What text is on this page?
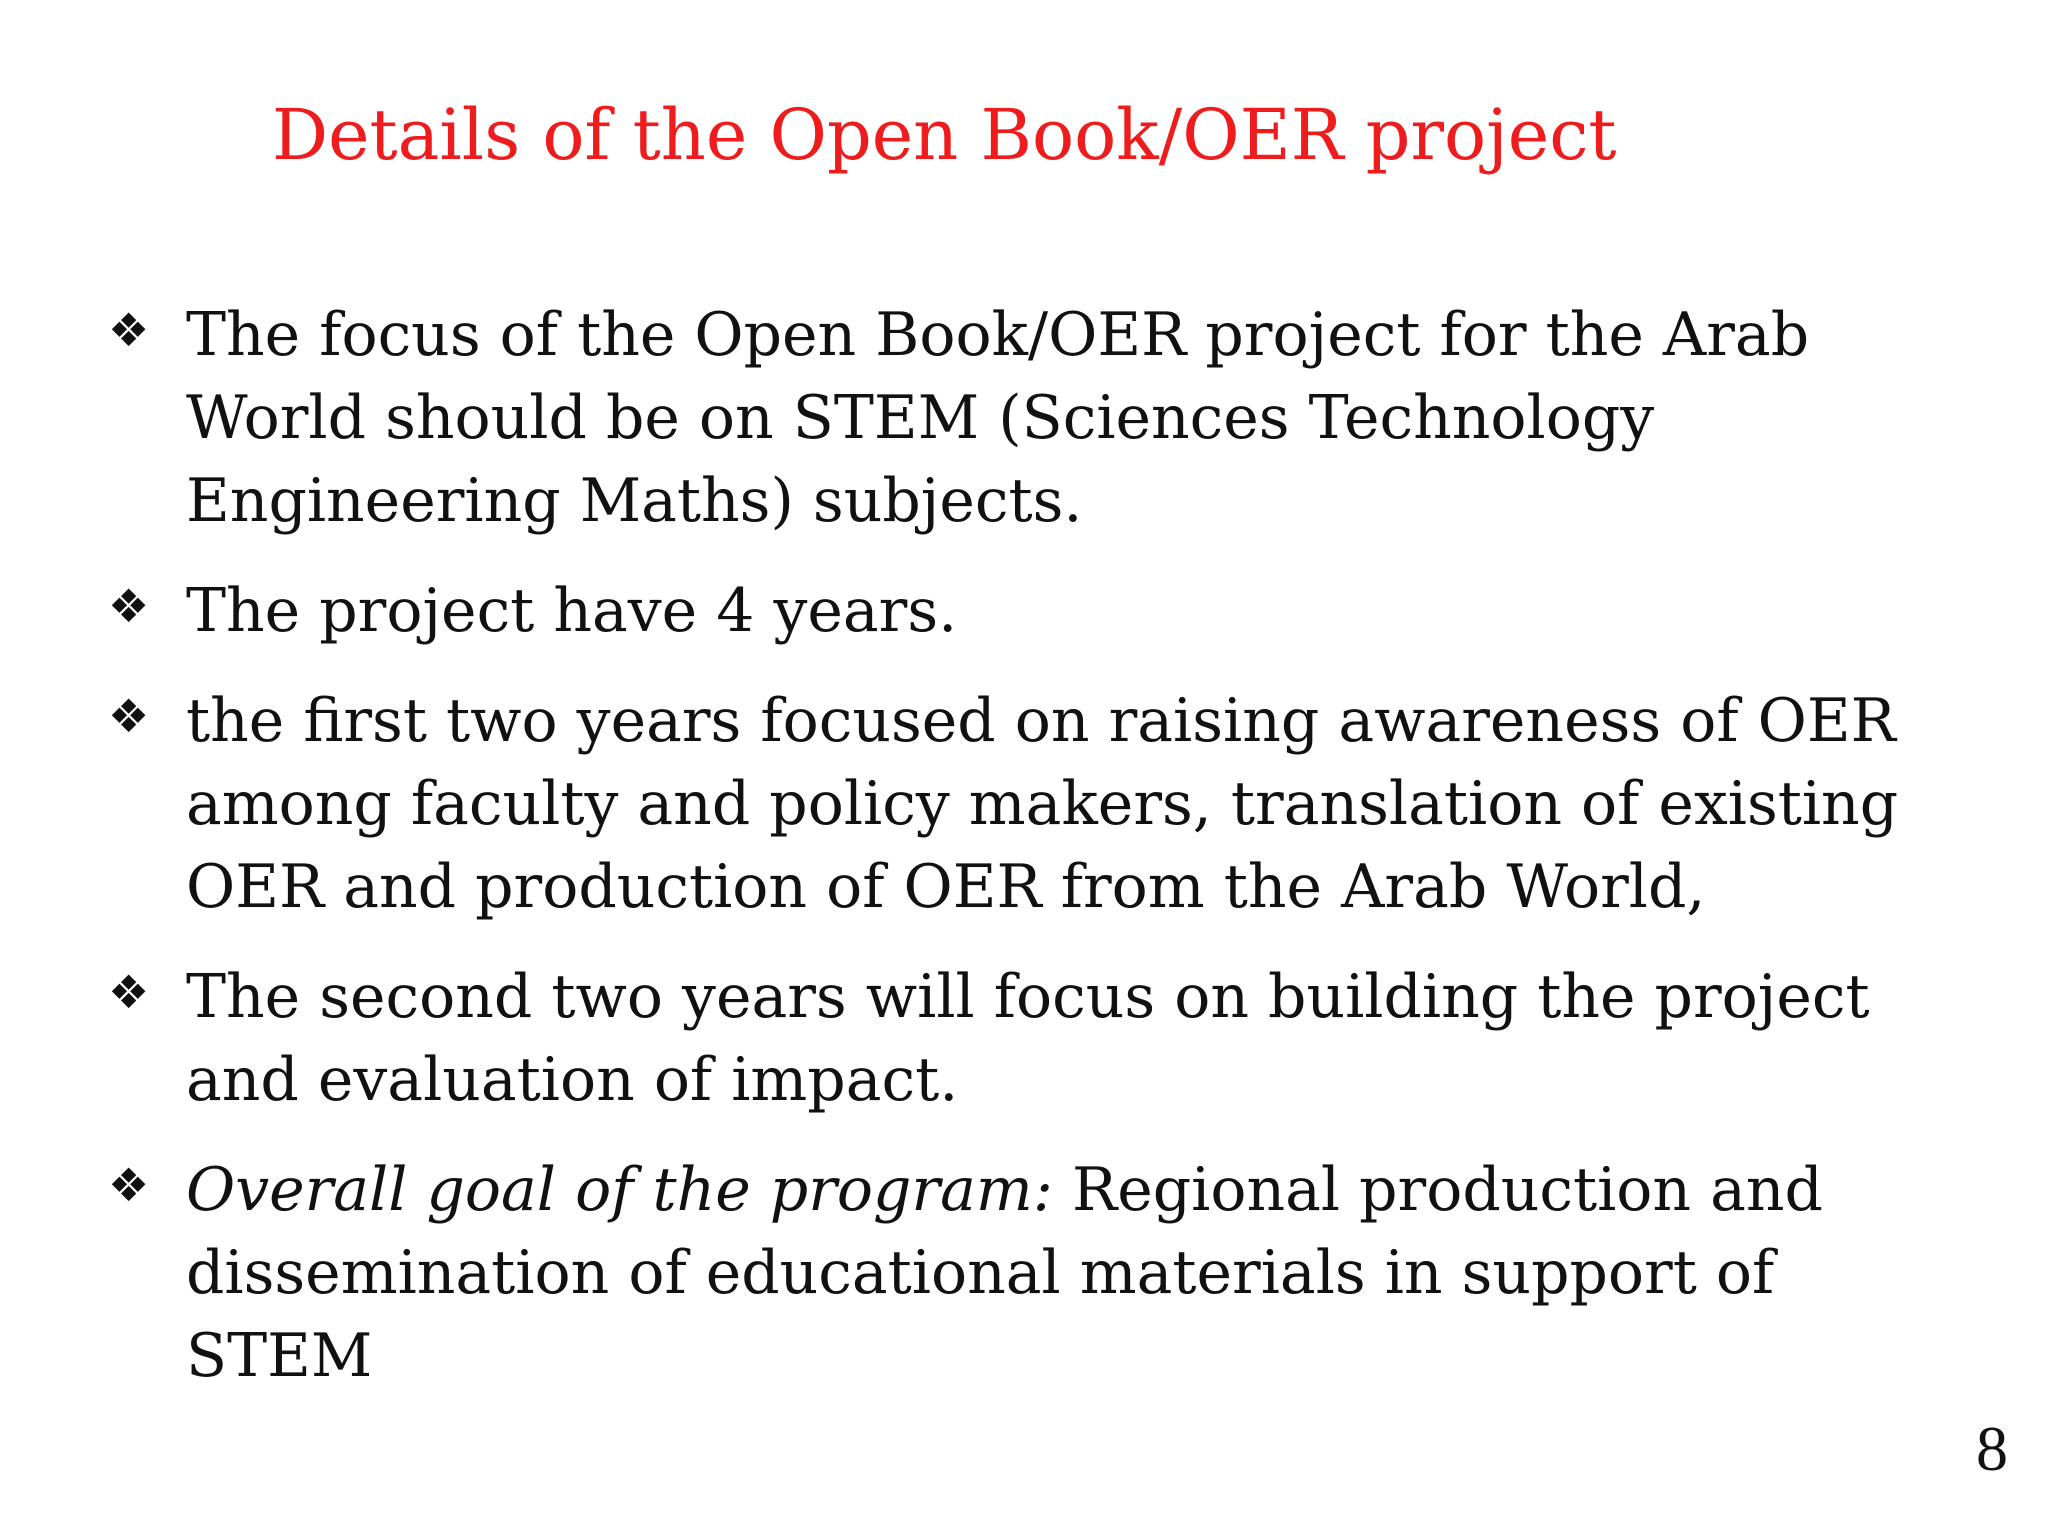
Details of the Open Book/OER project
❖ The focus of the Open Book/OER project for the Arab World should be on STEM (Sciences Technology Engineering Maths) subjects.
❖ The project have 4 years.
❖ the first two years focused on raising awareness of OER among faculty and policy makers, translation of existing OER and production of OER from the Arab World,
❖ The second two years will focus on building the project and evaluation of impact.
❖ Overall goal of the program: Regional production and dissemination of educational materials in support of STEM
8
